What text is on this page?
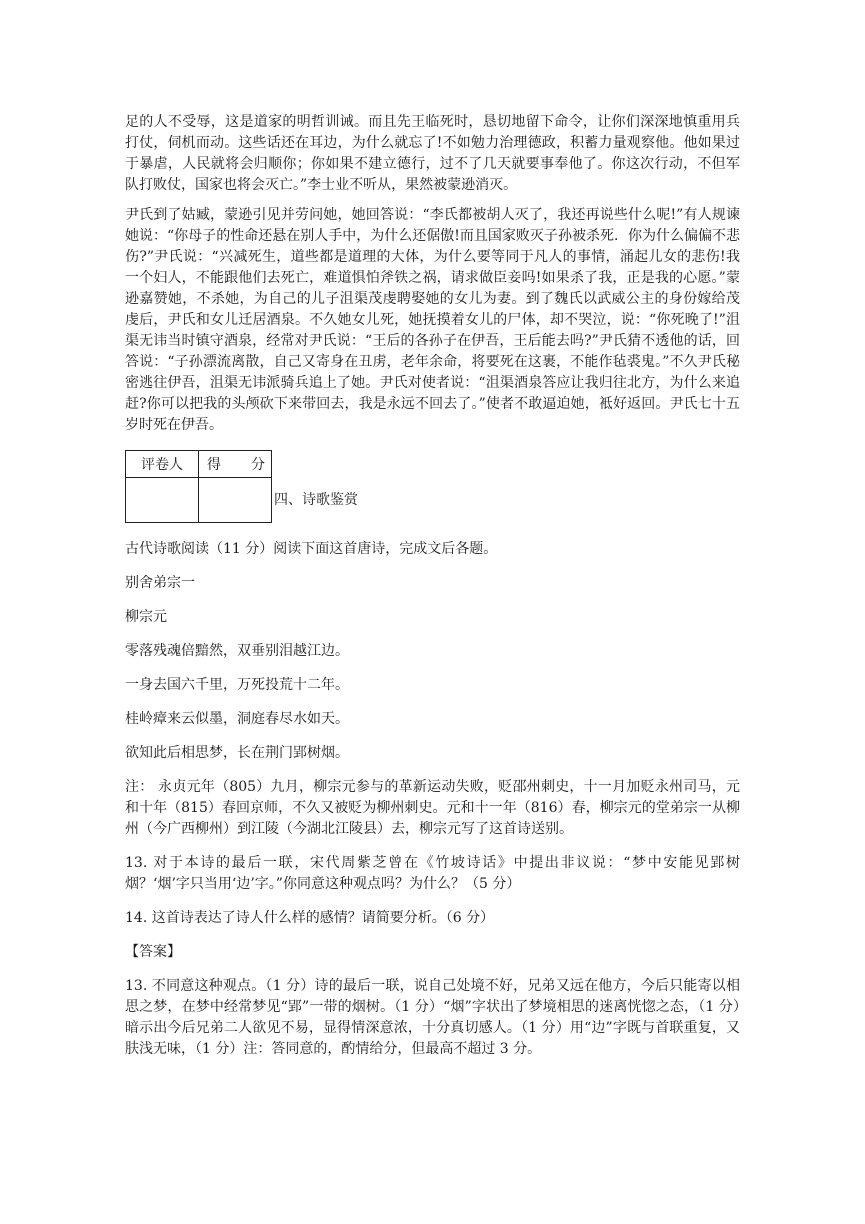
足的人不受辱，这是道家的明哲训诫。而且先王临死时，恳切地留下命令，让你们深深地慎重用兵打仗，伺机而动。这些话还在耳边，为什么就忘了!不如勉力治理德政，积蓄力量观察他。他如果过于暴虐，人民就将会归顺你；你如果不建立德行，过不了几天就要事奉他了。你这次行动，不但军队打败仗，国家也将会灭亡。”李士业不听从，果然被蒙逊消灭。

尹氏到了姑臧，蒙逊引见并劳问她，她回答说：“李氏都被胡人灭了，我还再说些什么呢!”有人规谏她说：“你母子的性命还悬在别人手中，为什么还倨傲!而且国家败灭子孙被杀死．你为什么偏偏不悲伤?”尹氏说：“兴减死生，道些都是道理的大体，为什么要等同于凡人的事情，涌起儿女的悲伤!我一个妇人，不能跟他们去死亡，难道惧怕斧铁之祸，请求做臣妾吗!如果杀了我，正是我的心愿。”蒙逊嘉赞她，不杀她，为自己的儿子沮渠茂虔聘娶她的女儿为妻。到了魏氏以武威公主的身份嫁给茂虔后，尹氏和女儿迁居酒泉。不久她女儿死，她抚摸着女儿的尸体，却不哭泣，说：“你死晚了!”沮渠无讳当时镇守酒泉，经常对尹氏说：“王后的各孙子在伊吾，王后能去吗?”尹氏猜不透他的话，回答说：“子孙漂流离散，自己又寄身在丑虏，老年余命，将要死在这裹，不能作毡裘鬼。”不久尹氏秘密逃往伊吾，沮渠无讳派骑兵追上了她。尹氏对使者说：“沮渠酒泉答应让我归往北方，为什么来追赶?你可以把我的头颅砍下来带回去，我是永远不回去了。”使者不敢逼迫她，袛好返回。尹氏七十五岁时死在伊吾。

评卷人	得 分

四、诗歌鉴赏

古代诗歌阅读（11 分）阅读下面这首唐诗，完成文后各题。

别舍弟宗一

柳宗元

零落残魂倍黯然，双垂别泪越江边。

一身去国六千里，万死投荒十二年。

桂岭瘴来云似墨，洞庭春尽水如天。

欲知此后相思梦，长在荆门郢树烟。

注： 永贞元年（805）九月，柳宗元参与的革新运动失败，贬邵州刺史，十一月加贬永州司马，元和十年（815）春回京师，不久又被贬为柳州刺史。元和十一年（816）春，柳宗元的堂弟宗一从柳州（今广西柳州）到江陵（今湖北江陵县）去，柳宗元写了这首诗送别。

13. 对于本诗的最后一联，宋代周紫芝曾在《竹坡诗话》中提出非议说：“梦中安能见郢树烟？‘烟’字只当用‘边’字。”你同意这种观点吗？为什么？（5 分）

14. 这首诗表达了诗人什么样的感情？请简要分析。（6 分）

【答案】

13. 不同意这种观点。（1 分）诗的最后一联，说自己处境不好，兄弟又远在他方，今后只能寄以相思之梦，在梦中经常梦见“郢”一带的烟树。（1 分）“烟”字状出了梦境相思的迷离恍惚之态，（1 分）暗示出今后兄弟二人欲见不易，显得情深意浓，十分真切感人。（1 分）用“边”字既与首联重复，又肤浅无味，（1 分）注：答同意的，酌情给分，但最高不超过 3 分。
